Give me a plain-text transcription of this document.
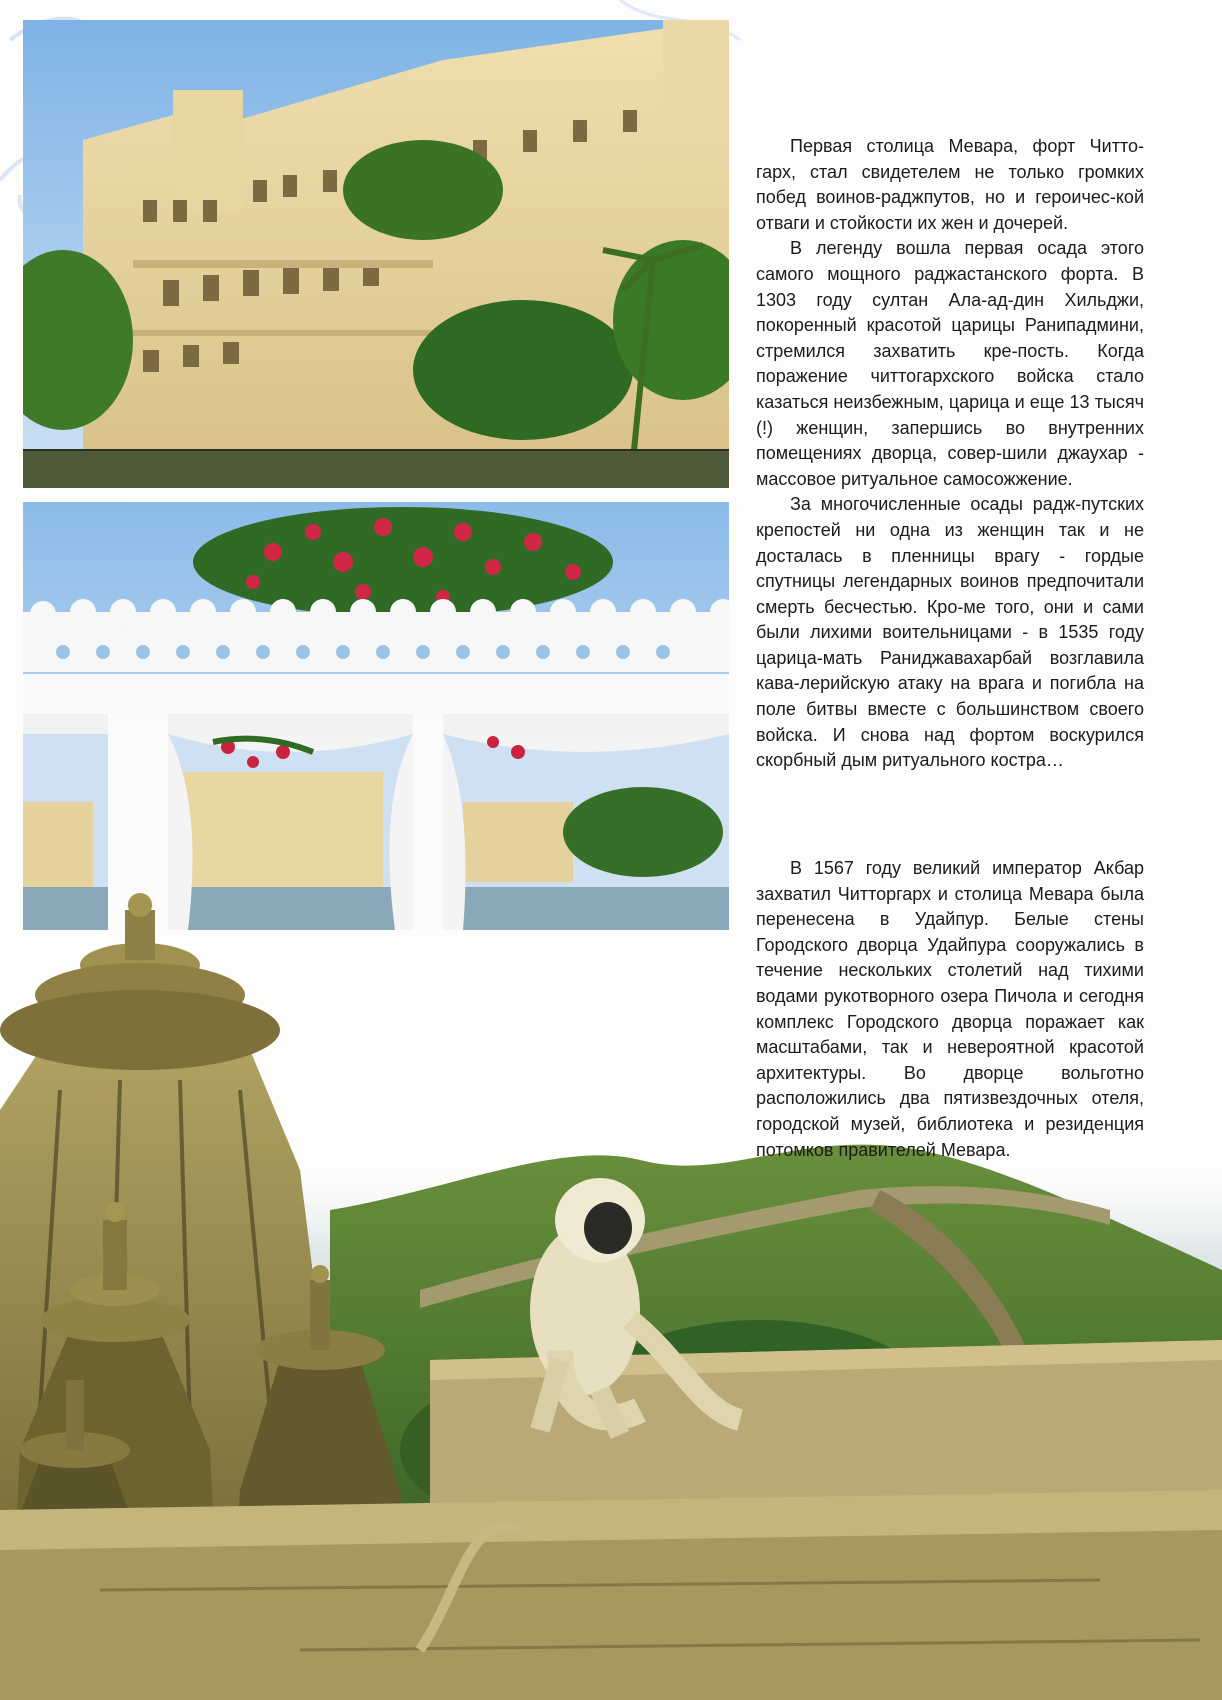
Первая столица Мевара, форт Читто-гарх, стал свидетелем не только громких побед воинов-раджпутов, но и героичес-кой отваги и стойкости их жен и дочерей.

В легенду вошла первая осада этого самого мощного раджастанского форта. В 1303 году султан Ала-ад-дин Хильджи, покоренный красотой царицы Ранипадмини, стремился захватить кре-пость. Когда поражение читтогархского войска стало казаться неизбежным, царица и еще 13 тысяч (!) женщин, запершись во внутренних помещениях дворца, совер-шили джаухар - массовое ритуальное самосожжение.

За многочисленные осады радж-путских крепостей ни одна из женщин так и не досталась в пленницы врагу - гордые спутницы легендарных воинов предпочитали смерть бесчестью. Кро-ме того, они и сами были лихими воительницами - в 1535 году царица-мать Раниджавахарбай возглавила кава-лерийскую атаку на врага и погибла на поле битвы вместе с большинством своего войска. И снова над фортом воскурился скорбный дым ритуального костра…

В 1567 году великий император Акбар захватил Читторгарх и столица Мевара была перенесена в Удайпур. Белые стены Городского дворца Удайпура сооружались в течение нескольких столетий над тихими водами рукотворного озера Пичола и сегодня комплекс Городского дворца поражает как масштабами, так и невероятной красотой архитектуры. Во дворце вольготно расположились два пятизвездочных отеля, городской музей, библиотека и резиденция потомков правителей Мевара.
